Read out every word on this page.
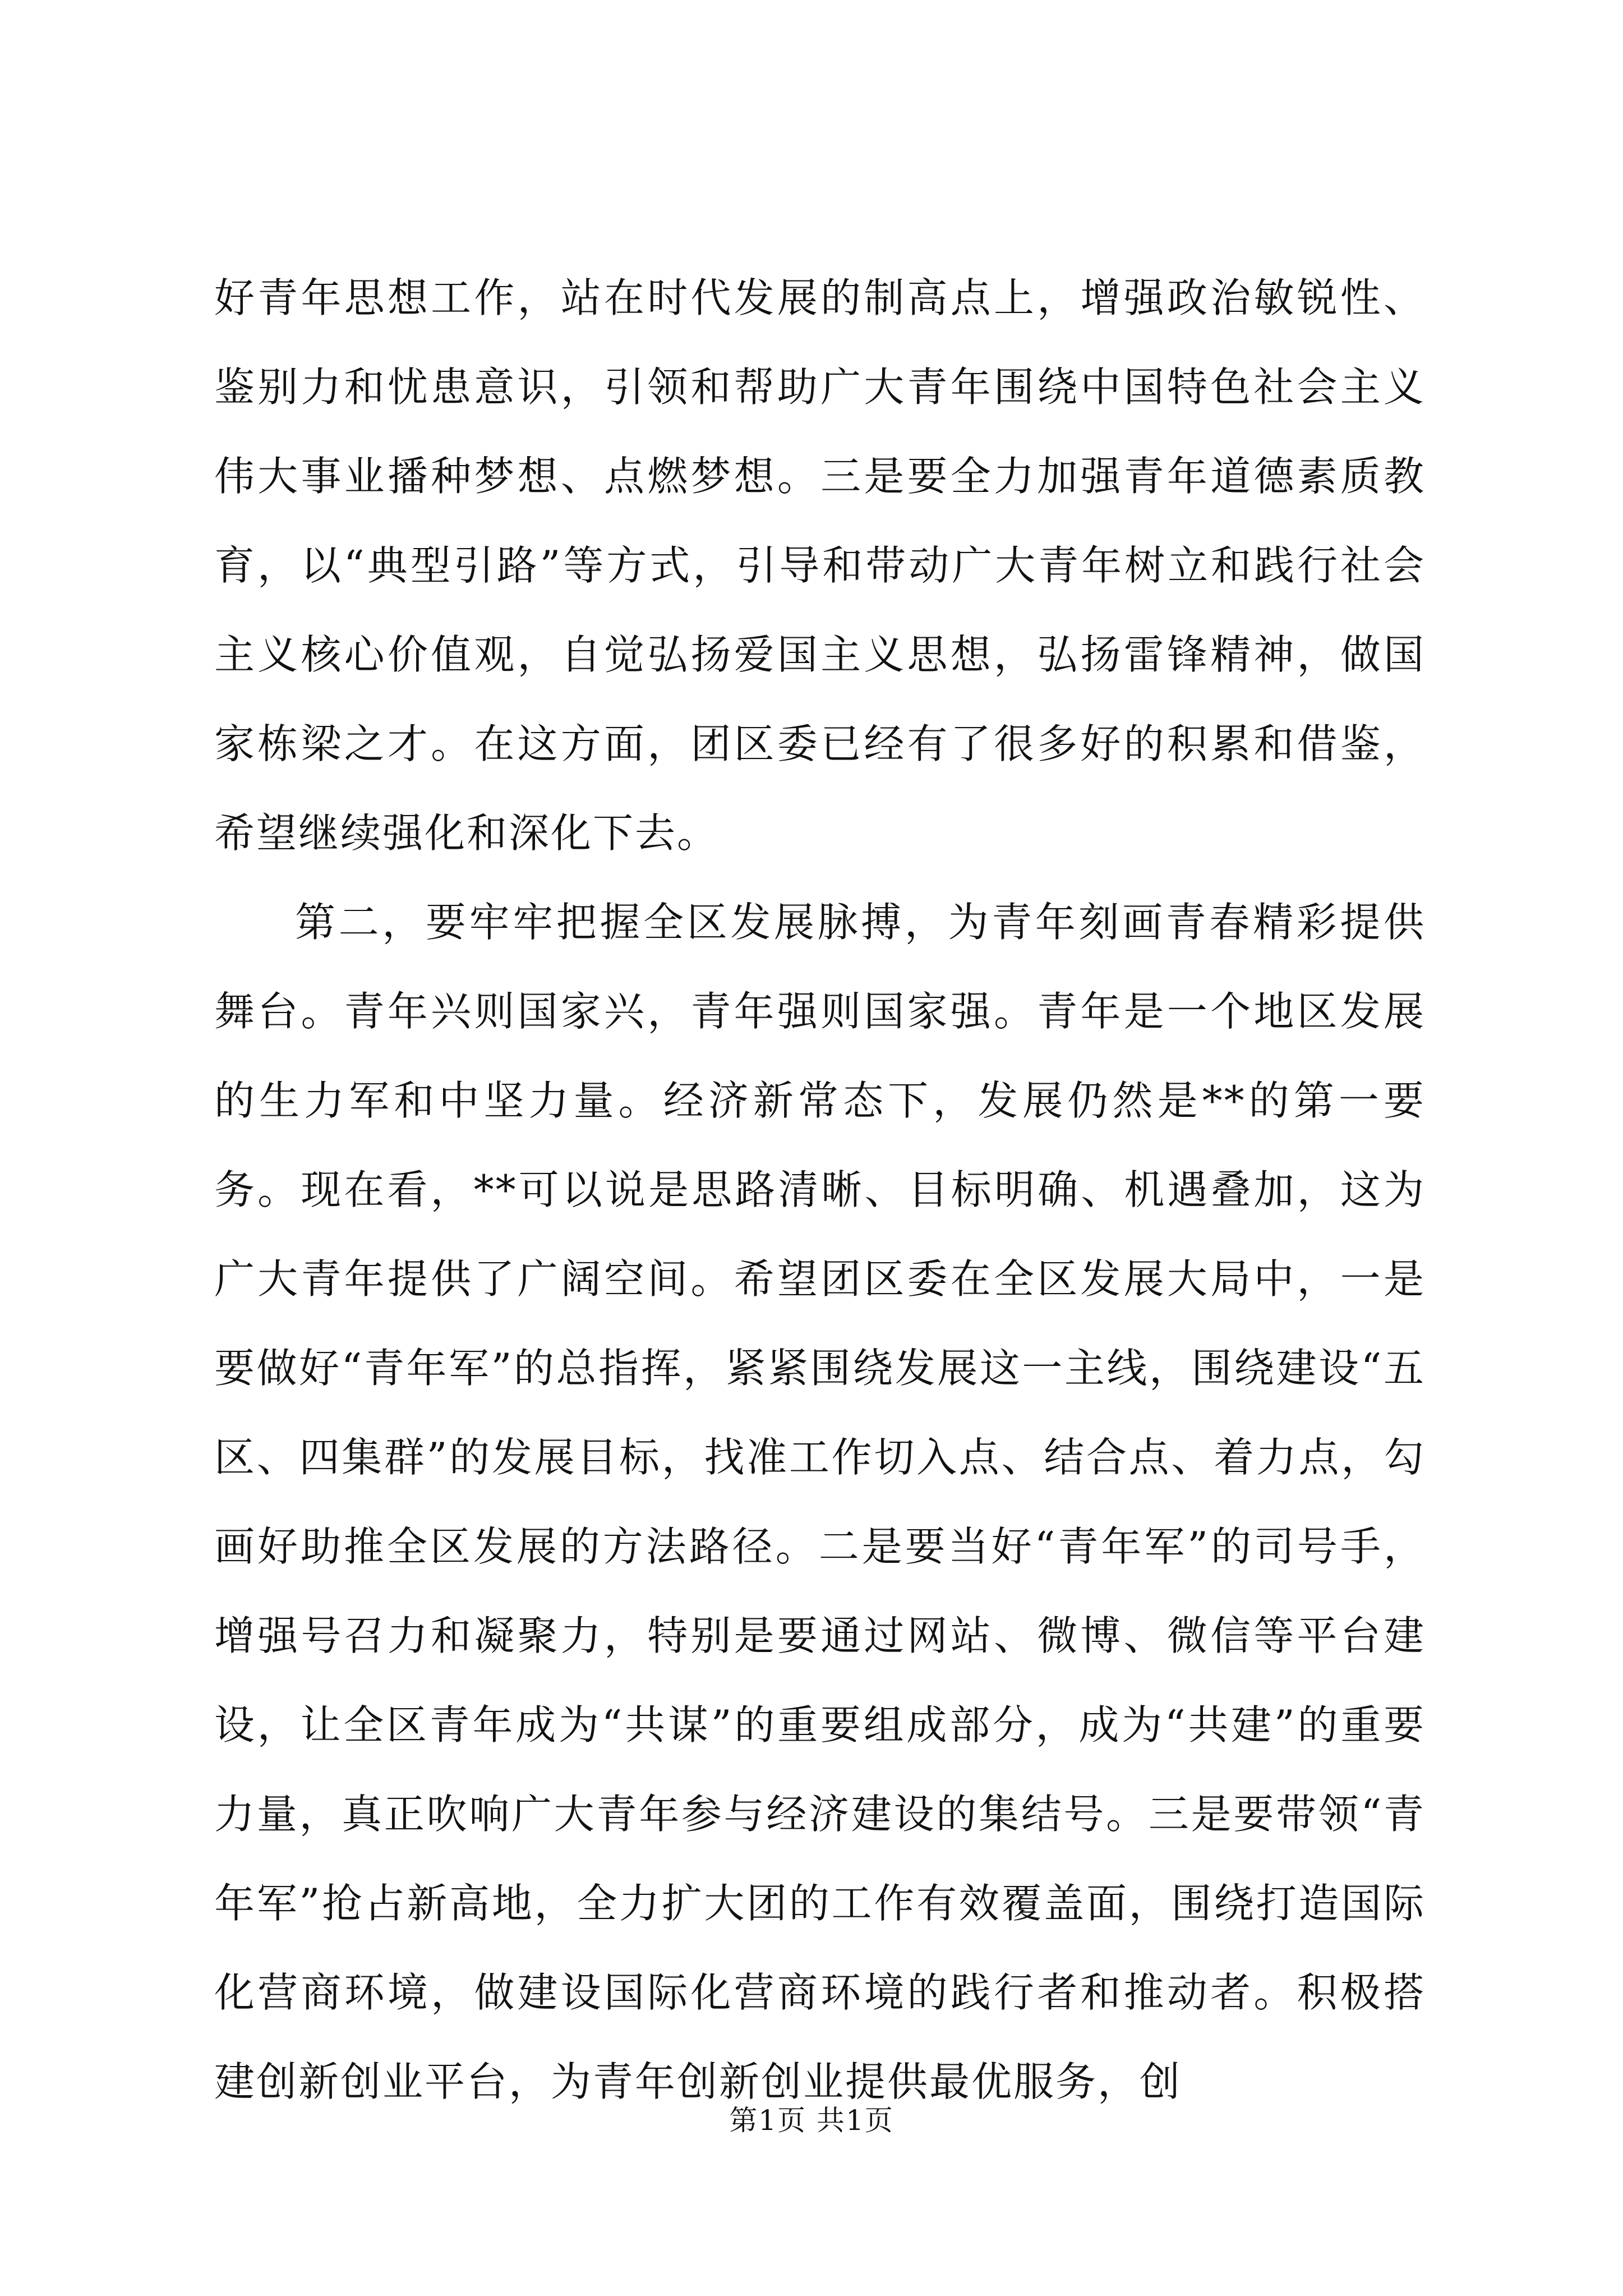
好青年思想工作，站在时代发展的制高点上，增强政治敏锐性、鉴别力和忧患意识，引领和帮助广大青年围绕中国特色社会主义伟大事业播种梦想、点燃梦想。三是要全力加强青年道德素质教育，以“典型引路”等方式，引导和带动广大青年树立和践行社会主义核心价值观，自觉弘扬爱国主义思想，弘扬雷锋精神，做国家栋梁之才。在这方面，团区委已经有了很多好的积累和借鉴，希望继续强化和深化下去。

第二，要牢牢把握全区发展脉搏，为青年刻画青春精彩提供舞台。青年兴则国家兴，青年强则国家强。青年是一个地区发展的生力军和中坚力量。经济新常态下，发展仍然是**的第一要务。现在看，**可以说是思路清晰、目标明确、机遇叠加，这为广大青年提供了广阔空间。希望团区委在全区发展大局中，一是要做好“青年军”的总指挥，紧紧围绕发展这一主线，围绕建设“五区、四集群”的发展目标，找准工作切入点、结合点、着力点，勾画好助推全区发展的方法路径。二是要当好“青年军”的司号手，增强号召力和凝聚力，特别是要通过网站、微博、微信等平台建设，让全区青年成为“共谋”的重要组成部分，成为“共建”的重要力量，真正吹响广大青年参与经济建设的集结号。三是要带领“青年军”抢占新高地，全力扩大团的工作有效覆盖面，围绕打造国际化营商环境，做建设国际化营商环境的践行者和推动者。积极搭建创新创业平台，为青年创新创业提供最优服务，创

第1页 共1页
